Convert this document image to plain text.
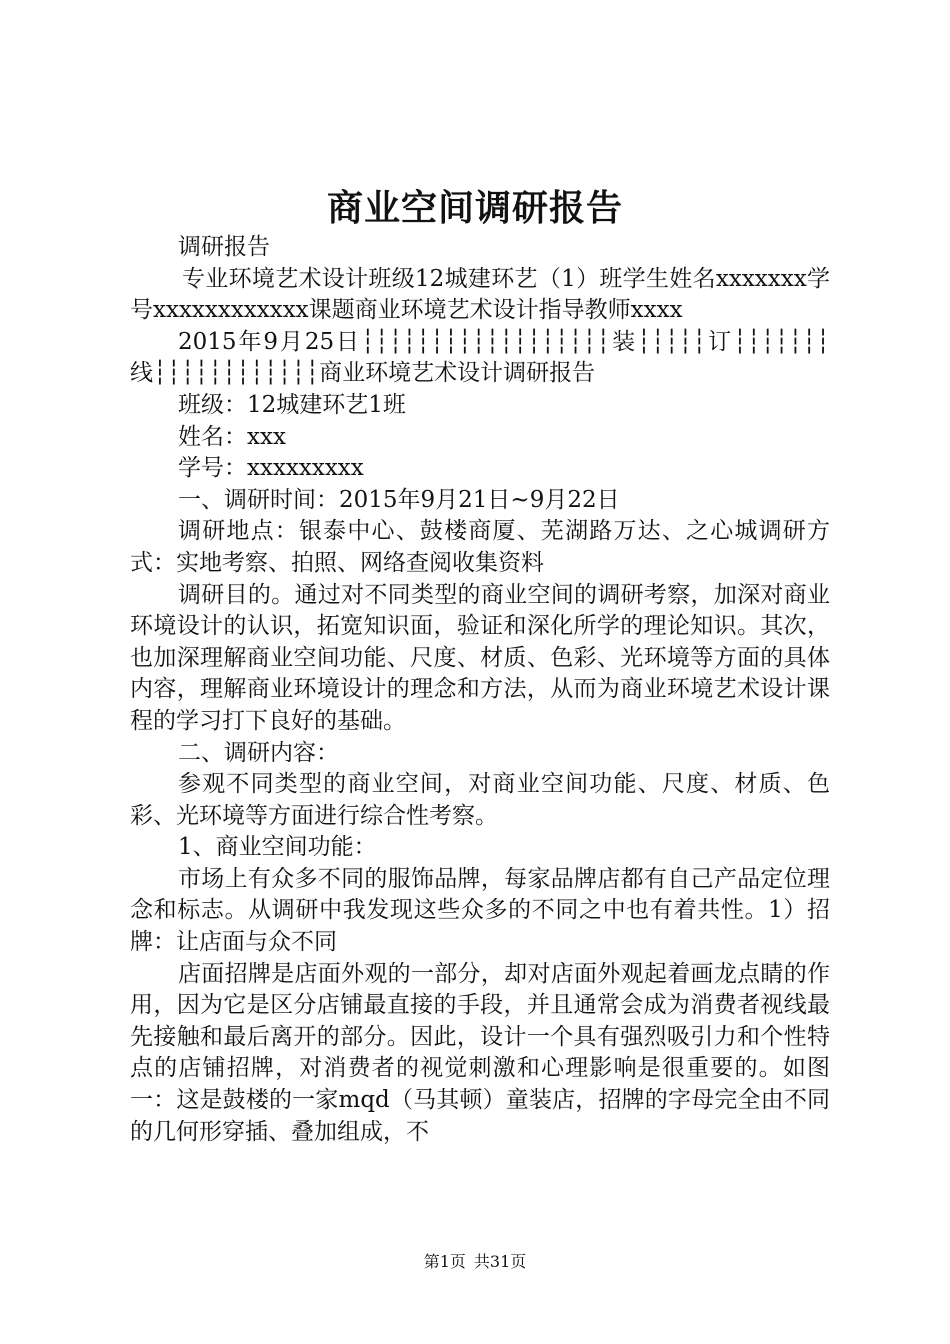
商业空间调研报告

调研报告

专业环境艺术设计班级12城建环艺（1）班学生姓名xxxxxxx学号xxxxxxxxxxxx课题商业环境艺术设计指导教师xxxx

2015年9月25日┆┆┆┆┆┆┆┆┆┆┆┆┆┆┆┆┆┆装┆┆┆┆┆订┆┆┆┆┆┆┆线┆┆┆┆┆┆┆┆┆┆┆┆商业环境艺术设计调研报告

班级：12城建环艺1班

姓名：xxx

学号：xxxxxxxxx

一、调研时间：2015年9月21日~9月22日

调研地点：银泰中心、鼓楼商厦、芜湖路万达、之心城调研方式：实地考察、拍照、网络查阅收集资料

调研目的。通过对不同类型的商业空间的调研考察，加深对商业环境设计的认识，拓宽知识面，验证和深化所学的理论知识。其次，也加深理解商业空间功能、尺度、材质、色彩、光环境等方面的具体内容，理解商业环境设计的理念和方法，从而为商业环境艺术设计课程的学习打下良好的基础。

二、调研内容：

参观不同类型的商业空间，对商业空间功能、尺度、材质、色彩、光环境等方面进行综合性考察。

1、商业空间功能：

市场上有众多不同的服饰品牌，每家品牌店都有自己产品定位理念和标志。从调研中我发现这些众多的不同之中也有着共性。1）招牌：让店面与众不同

店面招牌是店面外观的一部分，却对店面外观起着画龙点睛的作用，因为它是区分店铺最直接的手段，并且通常会成为消费者视线最先接触和最后离开的部分。因此，设计一个具有强烈吸引力和个性特点的店铺招牌，对消费者的视觉刺激和心理影响是很重要的。如图一：这是鼓楼的一家mqd（马其顿）童装店，招牌的字母完全由不同的几何形穿插、叠加组成，不

第1页 共31页
